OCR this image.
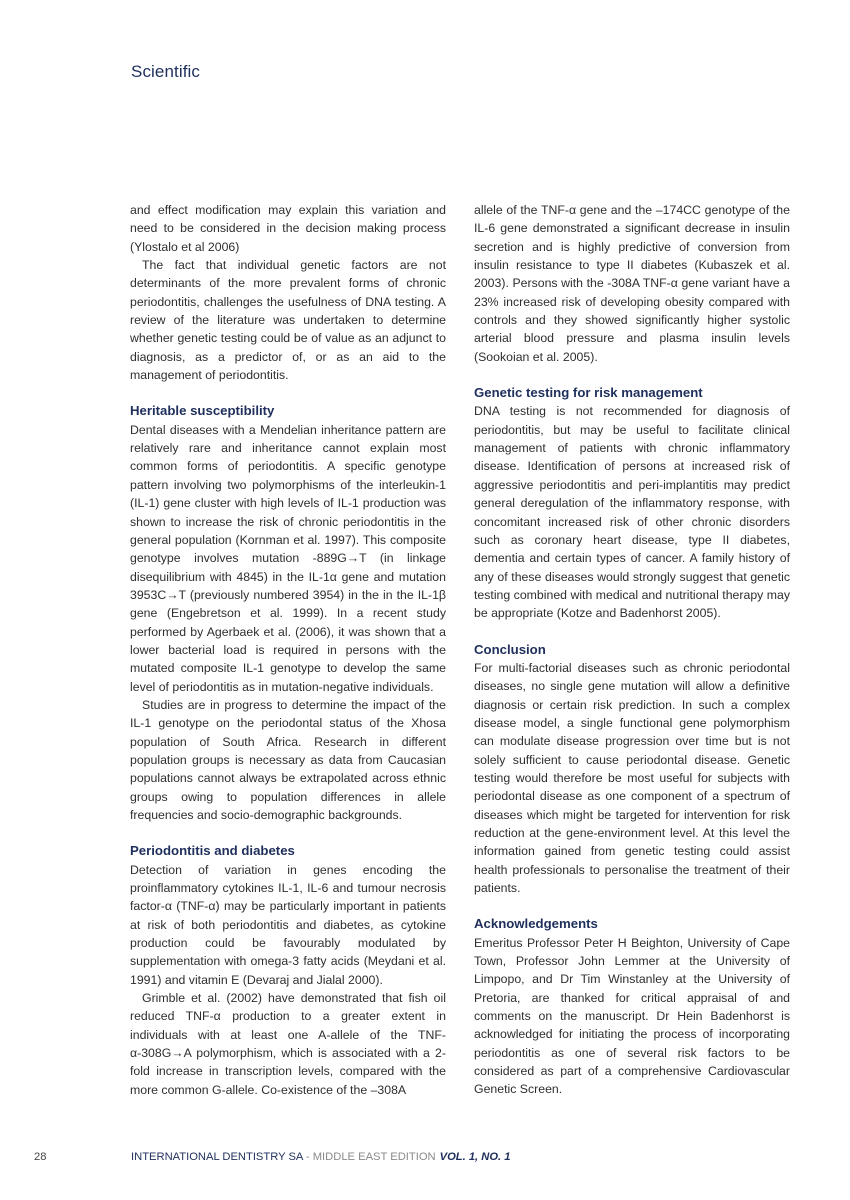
Scientific

and effect modification may explain this variation and need to be considered in the decision making process (Ylostalo et al 2006)

The fact that individual genetic factors are not determinants of the more prevalent forms of chronic periodontitis, challenges the usefulness of DNA testing. A review of the literature was undertaken to determine whether genetic testing could be of value as an adjunct to diagnosis, as a predictor of, or as an aid to the management of periodontitis.

Heritable susceptibility

Dental diseases with a Mendelian inheritance pattern are relatively rare and inheritance cannot explain most common forms of periodontitis. A specific genotype pattern involving two polymorphisms of the interleukin-1 (IL-1) gene cluster with high levels of IL-1 production was shown to increase the risk of chronic periodontitis in the general population (Kornman et al. 1997). This composite genotype involves mutation -889G→T (in linkage disequilibrium with 4845) in the IL-1α gene and mutation 3953C→T (previously numbered 3954) in the in the IL-1β gene (Engebretson et al. 1999). In a recent study performed by Agerbaek et al. (2006), it was shown that a lower bacterial load is required in persons with the mutated composite IL-1 genotype to develop the same level of periodontitis as in mutation-negative individuals.

Studies are in progress to determine the impact of the IL-1 genotype on the periodontal status of the Xhosa population of South Africa. Research in different population groups is necessary as data from Caucasian populations cannot always be extrapolated across ethnic groups owing to population differences in allele frequencies and socio-demographic backgrounds.

Periodontitis and diabetes

Detection of variation in genes encoding the proinflammatory cytokines IL-1, IL-6 and tumour necrosis factor-α (TNF-α) may be particularly important in patients at risk of both periodontitis and diabetes, as cytokine production could be favourably modulated by supplementation with omega-3 fatty acids (Meydani et al. 1991) and vitamin E (Devaraj and Jialal 2000).

Grimble et al. (2002) have demonstrated that fish oil reduced TNF-α production to a greater extent in individuals with at least one A-allele of the TNF-α-308G→A polymorphism, which is associated with a 2-fold increase in transcription levels, compared with the more common G-allele. Co-existence of the –308A

allele of the TNF-α gene and the –174CC genotype of the IL-6 gene demonstrated a significant decrease in insulin secretion and is highly predictive of conversion from insulin resistance to type II diabetes (Kubaszek et al. 2003). Persons with the -308A TNF-α gene variant have a 23% increased risk of developing obesity compared with controls and they showed significantly higher systolic arterial blood pressure and plasma insulin levels (Sookoian et al. 2005).

Genetic testing for risk management

DNA testing is not recommended for diagnosis of periodontitis, but may be useful to facilitate clinical management of patients with chronic inflammatory disease. Identification of persons at increased risk of aggressive periodontitis and peri-implantitis may predict general deregulation of the inflammatory response, with concomitant increased risk of other chronic disorders such as coronary heart disease, type II diabetes, dementia and certain types of cancer. A family history of any of these diseases would strongly suggest that genetic testing combined with medical and nutritional therapy may be appropriate (Kotze and Badenhorst 2005).

Conclusion

For multi-factorial diseases such as chronic periodontal diseases, no single gene mutation will allow a definitive diagnosis or certain risk prediction. In such a complex disease model, a single functional gene polymorphism can modulate disease progression over time but is not solely sufficient to cause periodontal disease. Genetic testing would therefore be most useful for subjects with periodontal disease as one component of a spectrum of diseases which might be targeted for intervention for risk reduction at the gene-environment level. At this level the information gained from genetic testing could assist health professionals to personalise the treatment of their patients.

Acknowledgements

Emeritus Professor Peter H Beighton, University of Cape Town, Professor John Lemmer at the University of Limpopo, and Dr Tim Winstanley at the University of Pretoria, are thanked for critical appraisal of and comments on the manuscript. Dr Hein Badenhorst is acknowledged for initiating the process of incorporating periodontitis as one of several risk factors to be considered as part of a comprehensive Cardiovascular Genetic Screen.

28	INTERNATIONAL DENTISTRY SA - MIDDLE EAST EDITION VOL. 1, NO. 1
